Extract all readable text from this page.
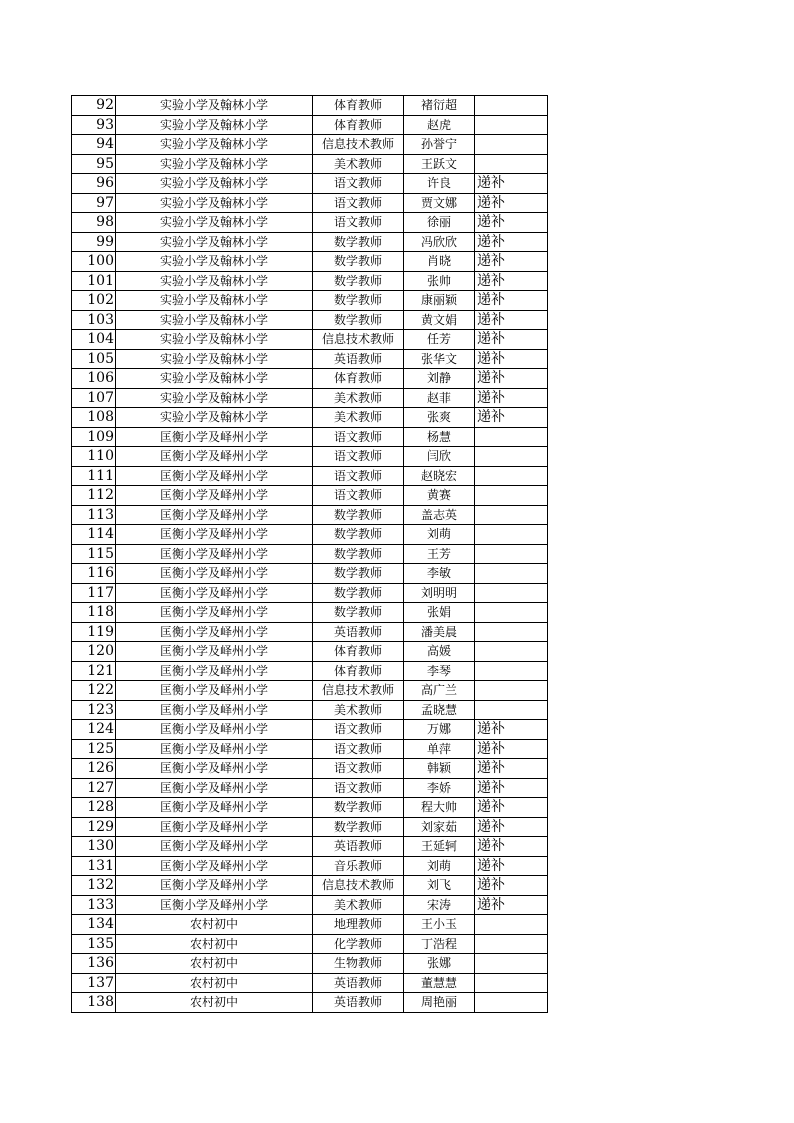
92	实验小学及翰林小学	体育教师	褚衍超	
93	实验小学及翰林小学	体育教师	赵虎	
94	实验小学及翰林小学	信息技术教师	孙誉宁	
95	实验小学及翰林小学	美术教师	王跃文	
96	实验小学及翰林小学	语文教师	许良	递补
97	实验小学及翰林小学	语文教师	贾文娜	递补
98	实验小学及翰林小学	语文教师	徐丽	递补
99	实验小学及翰林小学	数学教师	冯欣欣	递补
100	实验小学及翰林小学	数学教师	肖晓	递补
101	实验小学及翰林小学	数学教师	张帅	递补
102	实验小学及翰林小学	数学教师	康丽颖	递补
103	实验小学及翰林小学	数学教师	黄文娟	递补
104	实验小学及翰林小学	信息技术教师	任芳	递补
105	实验小学及翰林小学	英语教师	张华文	递补
106	实验小学及翰林小学	体育教师	刘静	递补
107	实验小学及翰林小学	美术教师	赵菲	递补
108	实验小学及翰林小学	美术教师	张爽	递补
109	匡衡小学及峄州小学	语文教师	杨慧	
110	匡衡小学及峄州小学	语文教师	闫欣	
111	匡衡小学及峄州小学	语文教师	赵晓宏	
112	匡衡小学及峄州小学	语文教师	黄赛	
113	匡衡小学及峄州小学	数学教师	盖志英	
114	匡衡小学及峄州小学	数学教师	刘萌	
115	匡衡小学及峄州小学	数学教师	王芳	
116	匡衡小学及峄州小学	数学教师	李敏	
117	匡衡小学及峄州小学	数学教师	刘明明	
118	匡衡小学及峄州小学	数学教师	张娟	
119	匡衡小学及峄州小学	英语教师	潘美晨	
120	匡衡小学及峄州小学	体育教师	高媛	
121	匡衡小学及峄州小学	体育教师	李琴	
122	匡衡小学及峄州小学	信息技术教师	高广兰	
123	匡衡小学及峄州小学	美术教师	孟晓慧	
124	匡衡小学及峄州小学	语文教师	万娜	递补
125	匡衡小学及峄州小学	语文教师	单萍	递补
126	匡衡小学及峄州小学	语文教师	韩颖	递补
127	匡衡小学及峄州小学	语文教师	李娇	递补
128	匡衡小学及峄州小学	数学教师	程大帅	递补
129	匡衡小学及峄州小学	数学教师	刘家茹	递补
130	匡衡小学及峄州小学	英语教师	王延轲	递补
131	匡衡小学及峄州小学	音乐教师	刘萌	递补
132	匡衡小学及峄州小学	信息技术教师	刘飞	递补
133	匡衡小学及峄州小学	美术教师	宋涛	递补
134	农村初中	地理教师	王小玉	
135	农村初中	化学教师	丁浩程	
136	农村初中	生物教师	张娜	
137	农村初中	英语教师	董慧慧	
138	农村初中	英语教师	周艳丽	
